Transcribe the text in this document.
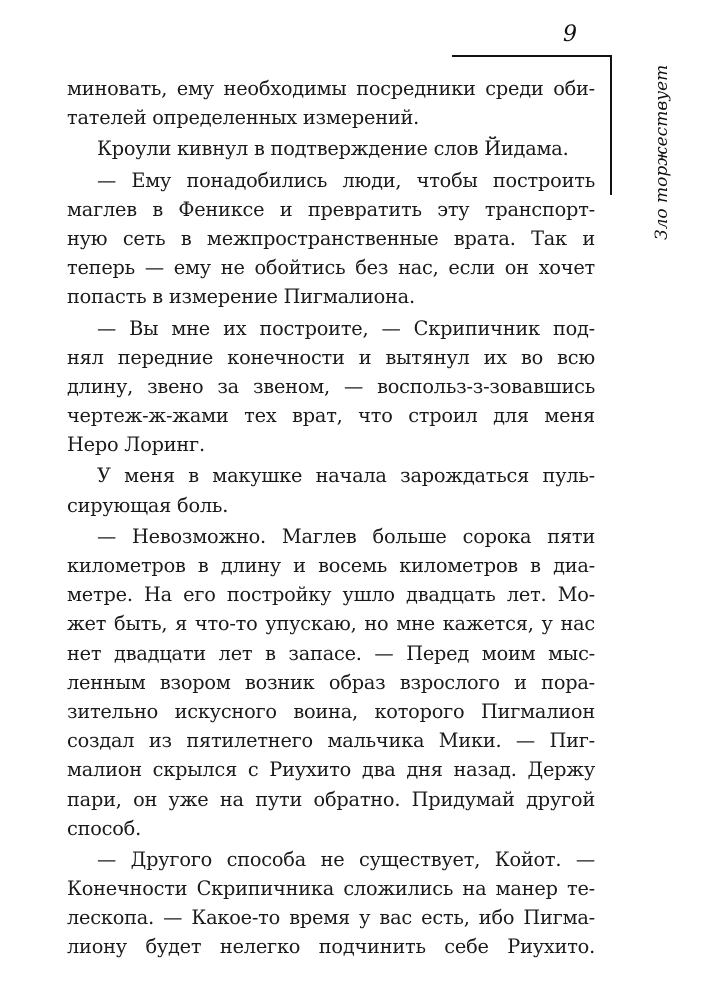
9
Зло торжествует
миновать, ему необходимы посредники среди оби-
тателей определенных измерений.
Кроули кивнул в подтверждение слов Йидама.
— Ему понадобились люди, чтобы построить
маглев в Фениксе и превратить эту транспорт-
ную сеть в межпространственные врата. Так и
теперь — ему не обойтись без нас, если он хочет
попасть в измерение Пигмалиона.
— Вы мне их построите, — Скрипичник под-
нял передние конечности и вытянул их во всю
длину, звено за звеном, — воспольз-з-зовавшись
чертеж-ж-жами тех врат, что строил для меня
Неро Лоринг.
У меня в макушке начала зарождаться пуль-
сирующая боль.
— Невозможно. Маглев больше сорока пяти
километров в длину и восемь километров в диа-
метре. На его постройку ушло двадцать лет. Мо-
жет быть, я что-то упускаю, но мне кажется, у нас
нет двадцати лет в запасе. — Перед моим мыс-
ленным взором возник образ взрослого и пора-
зительно искусного воина, которого Пигмалион
создал из пятилетнего мальчика Мики. — Пиг-
малион скрылся с Риухито два дня назад. Держу
пари, он уже на пути обратно. Придумай другой
способ.
— Другого способа не существует, Койот. —
Конечности Скрипичника сложились на манер те-
лескопа. — Какое-то время у вас есть, ибо Пигма-
лиону будет нелегко подчинить себе Риухито.
